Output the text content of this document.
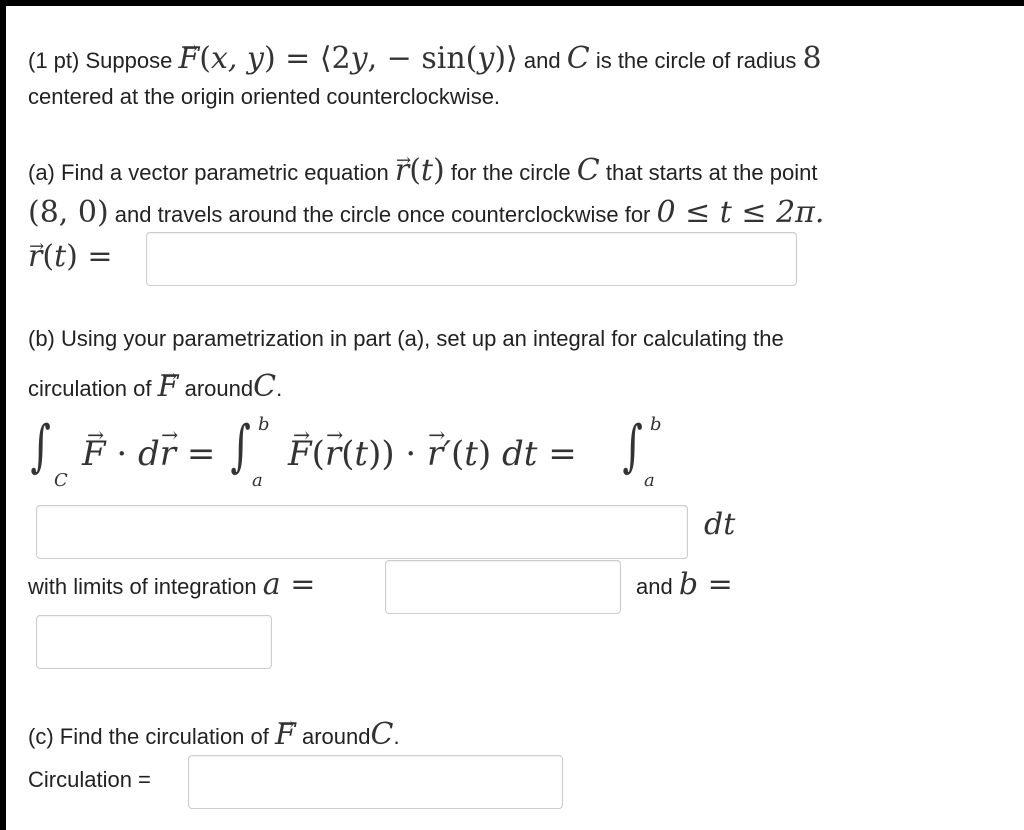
(1 pt) Suppose → F(x, y) = ⟨2y, − sin(y)⟩ and C is the circle of radius 8
centered at the origin oriented counterclockwise.
(a) Find a vector parametric equation → r(t) for the circle C that starts at the point
(8, 0) and travels around the circle once counterclockwise for 0 ≤ t ≤ 2π.
→ r(t) =
(b) Using your parametrization in part (a), set up an integral for calculating the
circulation of → F aroundC.
∫
C
→ F · d→ r = ∫ b
a
→ F(→ r(t)) · → r′(t) dt = ∫ b
a
dt
with limits of integration a =	and b =
(c) Find the circulation of → F aroundC.
Circulation =
